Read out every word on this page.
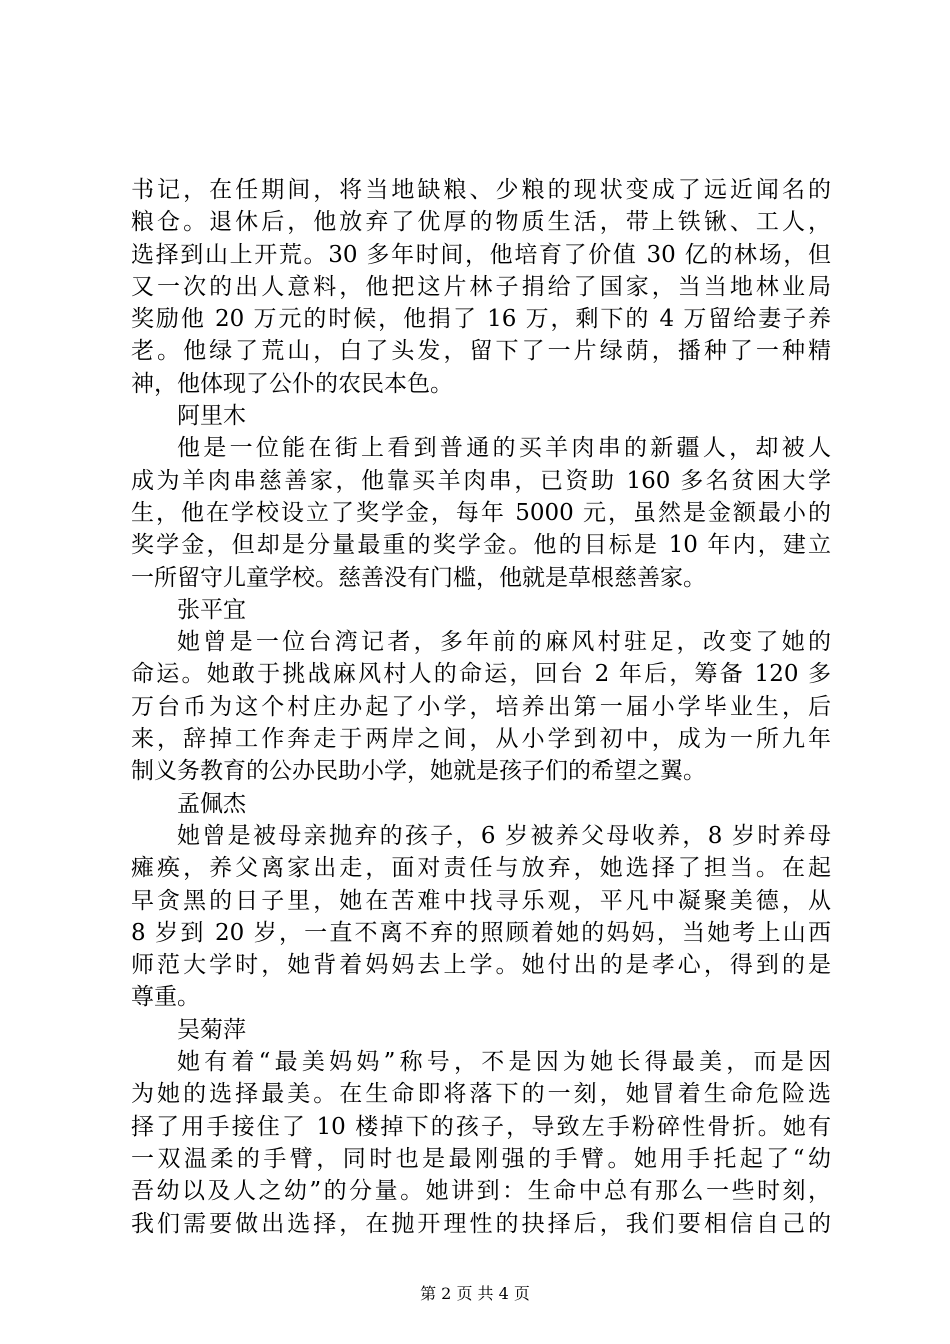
书记，在任期间，将当地缺粮、少粮的现状变成了远近闻名的
粮仓。退休后，他放弃了优厚的物质生活，带上铁锹、工人，
选择到山上开荒。30 多年时间，他培育了价值 30 亿的林场，但
又一次的出人意料，他把这片林子捐给了国家，当当地林业局
奖励他 20 万元的时候，他捐了 16 万，剩下的 4 万留给妻子养
老。他绿了荒山，白了头发，留下了一片绿荫，播种了一种精
神，他体现了公仆的农民本色。

阿里木

他是一位能在街上看到普通的买羊肉串的新疆人，却被人
成为羊肉串慈善家，他靠买羊肉串，已资助 160 多名贫困大学
生，他在学校设立了奖学金，每年 5000 元，虽然是金额最小的
奖学金，但却是分量最重的奖学金。他的目标是 10 年内，建立
一所留守儿童学校。慈善没有门槛，他就是草根慈善家。

张平宜

她曾是一位台湾记者，多年前的麻风村驻足，改变了她的
命运。她敢于挑战麻风村人的命运，回台 2 年后，筹备 120 多
万台币为这个村庄办起了小学，培养出第一届小学毕业生，后
来，辞掉工作奔走于两岸之间，从小学到初中，成为一所九年
制义务教育的公办民助小学，她就是孩子们的希望之翼。

孟佩杰

她曾是被母亲抛弃的孩子，6 岁被养父母收养，8 岁时养母
瘫痪，养父离家出走，面对责任与放弃，她选择了担当。在起
早贪黑的日子里，她在苦难中找寻乐观，平凡中凝聚美德，从
8 岁到 20 岁，一直不离不弃的照顾着她的妈妈，当她考上山西
师范大学时，她背着妈妈去上学。她付出的是孝心，得到的是
尊重。

吴菊萍

她有着“最美妈妈”称号，不是因为她长得最美，而是因
为她的选择最美。在生命即将落下的一刻，她冒着生命危险选
择了用手接住了 10 楼掉下的孩子，导致左手粉碎性骨折。她有
一双温柔的手臂，同时也是最刚强的手臂。她用手托起了“幼
吾幼以及人之幼”的分量。她讲到：生命中总有那么一些时刻，
我们需要做出选择，在抛开理性的抉择后，我们要相信自己的

第 2 页 共 4 页
